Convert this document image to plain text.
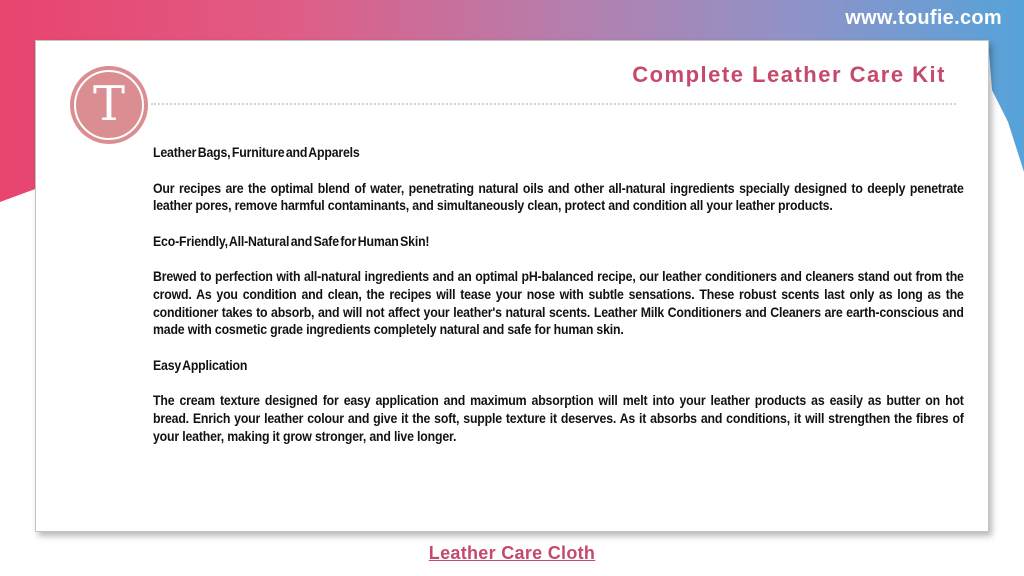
www.toufie.com
T
Complete Leather Care Kit

Leather Bags, Furniture and Apparels

Our recipes are the optimal blend of water, penetrating natural oils and other all-natural ingredients specially designed to deeply penetrate leather pores, remove harmful contaminants, and simultaneously clean, protect and condition all your leather products.

Eco-Friendly, All-Natural and Safe for Human Skin!

Brewed to perfection with all-natural ingredients and an optimal pH-balanced recipe, our leather conditioners and cleaners stand out from the crowd. As you condition and clean, the recipes will tease your nose with subtle sensations. These robust scents last only as long as the conditioner takes to absorb, and will not affect your leather's natural scents. Leather Milk Conditioners and Cleaners are earth-conscious and made with cosmetic grade ingredients completely natural and safe for human skin.

Easy Application

The cream texture designed for easy application and maximum absorption will melt into your leather products as easily as butter on hot bread. Enrich your leather colour and give it the soft, supple texture it deserves. As it absorbs and conditions, it will strengthen the fibres of your leather, making it grow stronger, and live longer.

Leather Care Cloth
